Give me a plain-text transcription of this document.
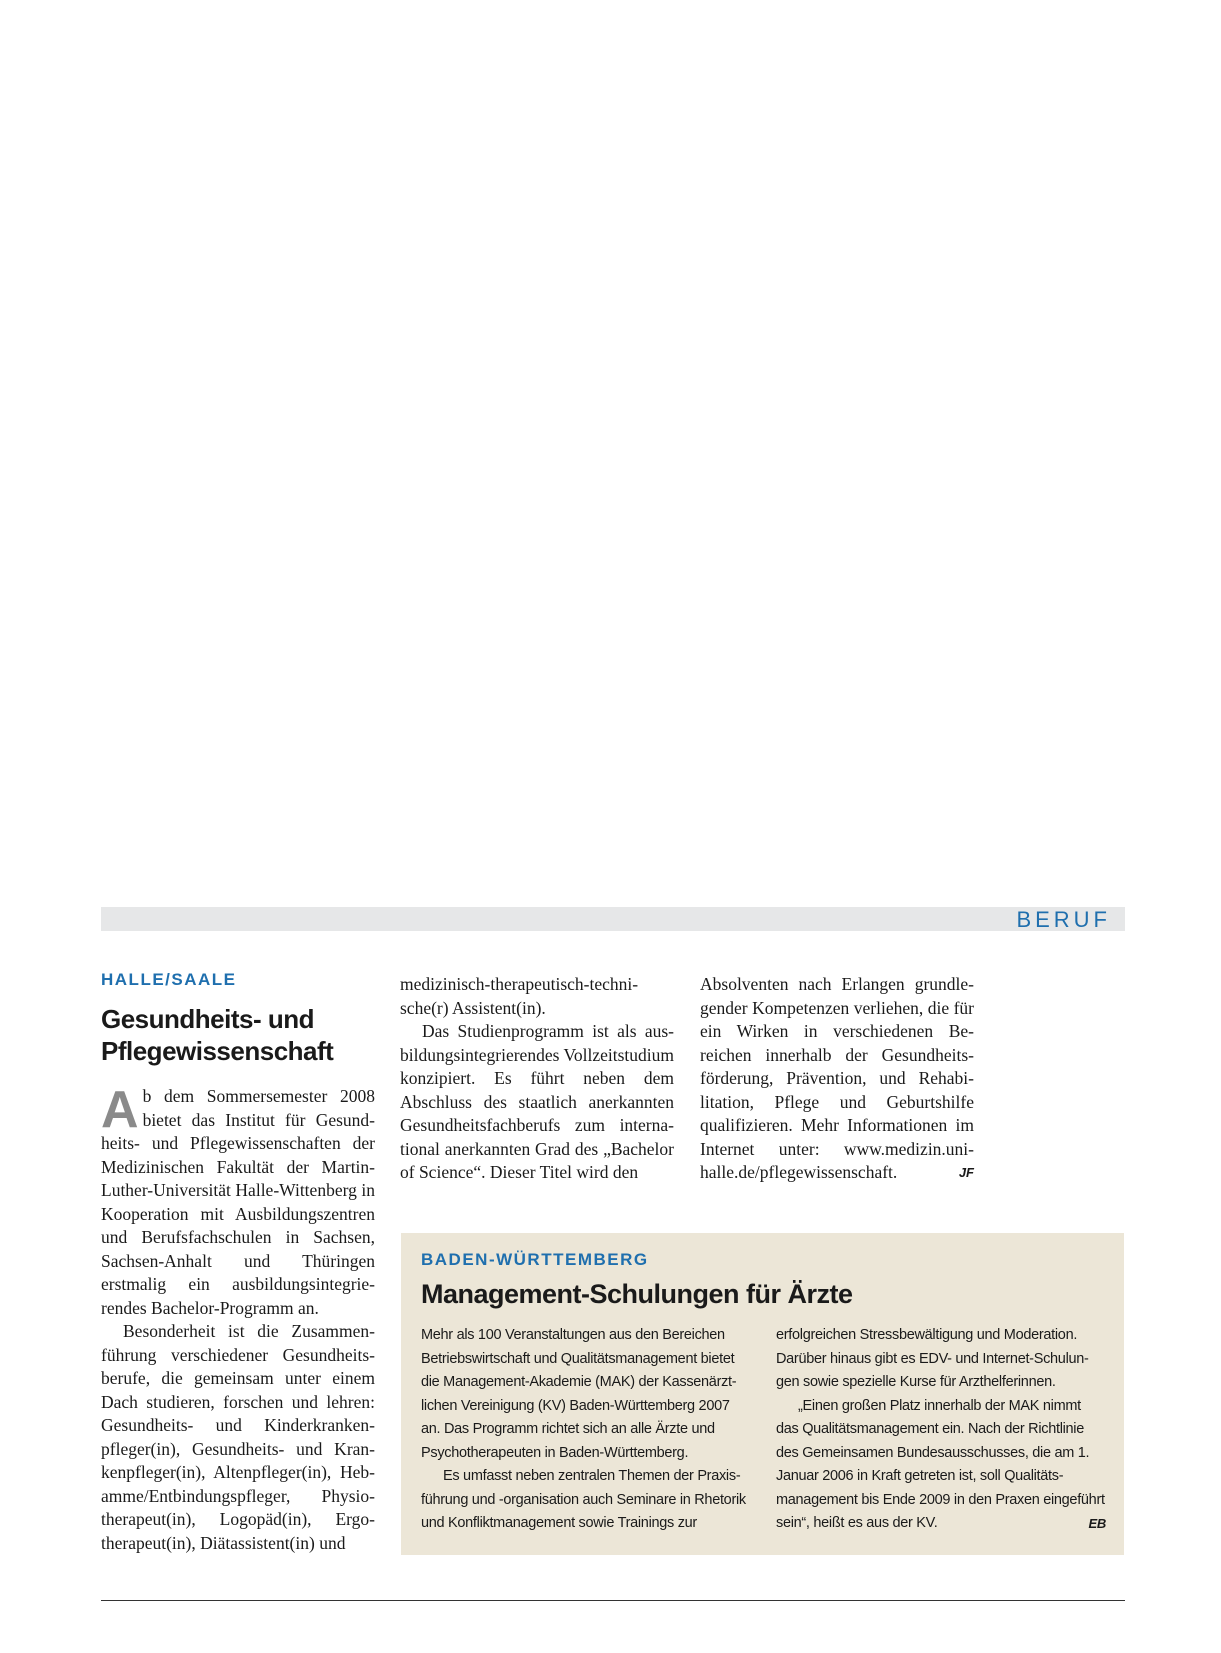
BERUF
HALLE/SAALE
Gesundheits- und Pflegewissenschaft

Ab dem Sommersemester 2008 bietet das Institut für Gesundheits- und Pflegewissenschaften der Medizinischen Fakultät der Martin-Luther-Universität Halle-Wittenberg in Kooperation mit Ausbildungszentren und Berufsfachschulen in Sachsen, Sachsen-Anhalt und Thüringen erstmalig ein ausbildungsintegrierendes Bachelor-Programm an.

Besonderheit ist die Zusammenführung verschiedener Gesundheitsberufe, die gemeinsam unter einem Dach studieren, forschen und lehren: Gesundheits- und Kinderkrankenpfleger(in), Gesundheits- und Krankenpfleger(in), Altenpfleger(in), Hebamme/Entbindungspfleger, Physiotherapeut(in), Logopäd(in), Ergotherapeut(in), Diätassistent(in) und

medizinisch-therapeutisch-technische(r) Assistent(in).

Das Studienprogramm ist als ausbildungsintegrierendes Vollzeitstudium konzipiert. Es führt neben dem Abschluss des staatlich anerkannten Gesundheitsfachberufs zum international anerkannten Grad des „Bachelor of Science“. Dieser Titel wird den

Absolventen nach Erlangen grundlegender Kompetenzen verliehen, die für ein Wirken in verschiedenen Bereichen innerhalb der Gesundheitsförderung, Prävention, und Rehabilitation, Pflege und Geburtshilfe qualifizieren. Mehr Informationen im Internet unter: www.medizin.uni-halle.de/pflegewissenschaft.	JF

BADEN-WÜRTTEMBERG
Management-Schulungen für Ärzte

Mehr als 100 Veranstaltungen aus den Bereichen Betriebswirtschaft und Qualitätsmanagement bietet die Management-Akademie (MAK) der Kassenärztlichen Vereinigung (KV) Baden-Württemberg 2007 an. Das Programm richtet sich an alle Ärzte und Psychotherapeuten in Baden-Württemberg.

Es umfasst neben zentralen Themen der Praxisführung und -organisation auch Seminare in Rhetorik und Konfliktmanagement sowie Trainings zur

erfolgreichen Stressbewältigung und Moderation. Darüber hinaus gibt es EDV- und Internet-Schulungen sowie spezielle Kurse für Arzthelferinnen.

„Einen großen Platz innerhalb der MAK nimmt das Qualitätsmanagement ein. Nach der Richtlinie des Gemeinsamen Bundesausschusses, die am 1. Januar 2006 in Kraft getreten ist, soll Qualitätsmanagement bis Ende 2009 in den Praxen eingeführt sein“, heißt es aus der KV.	EB
